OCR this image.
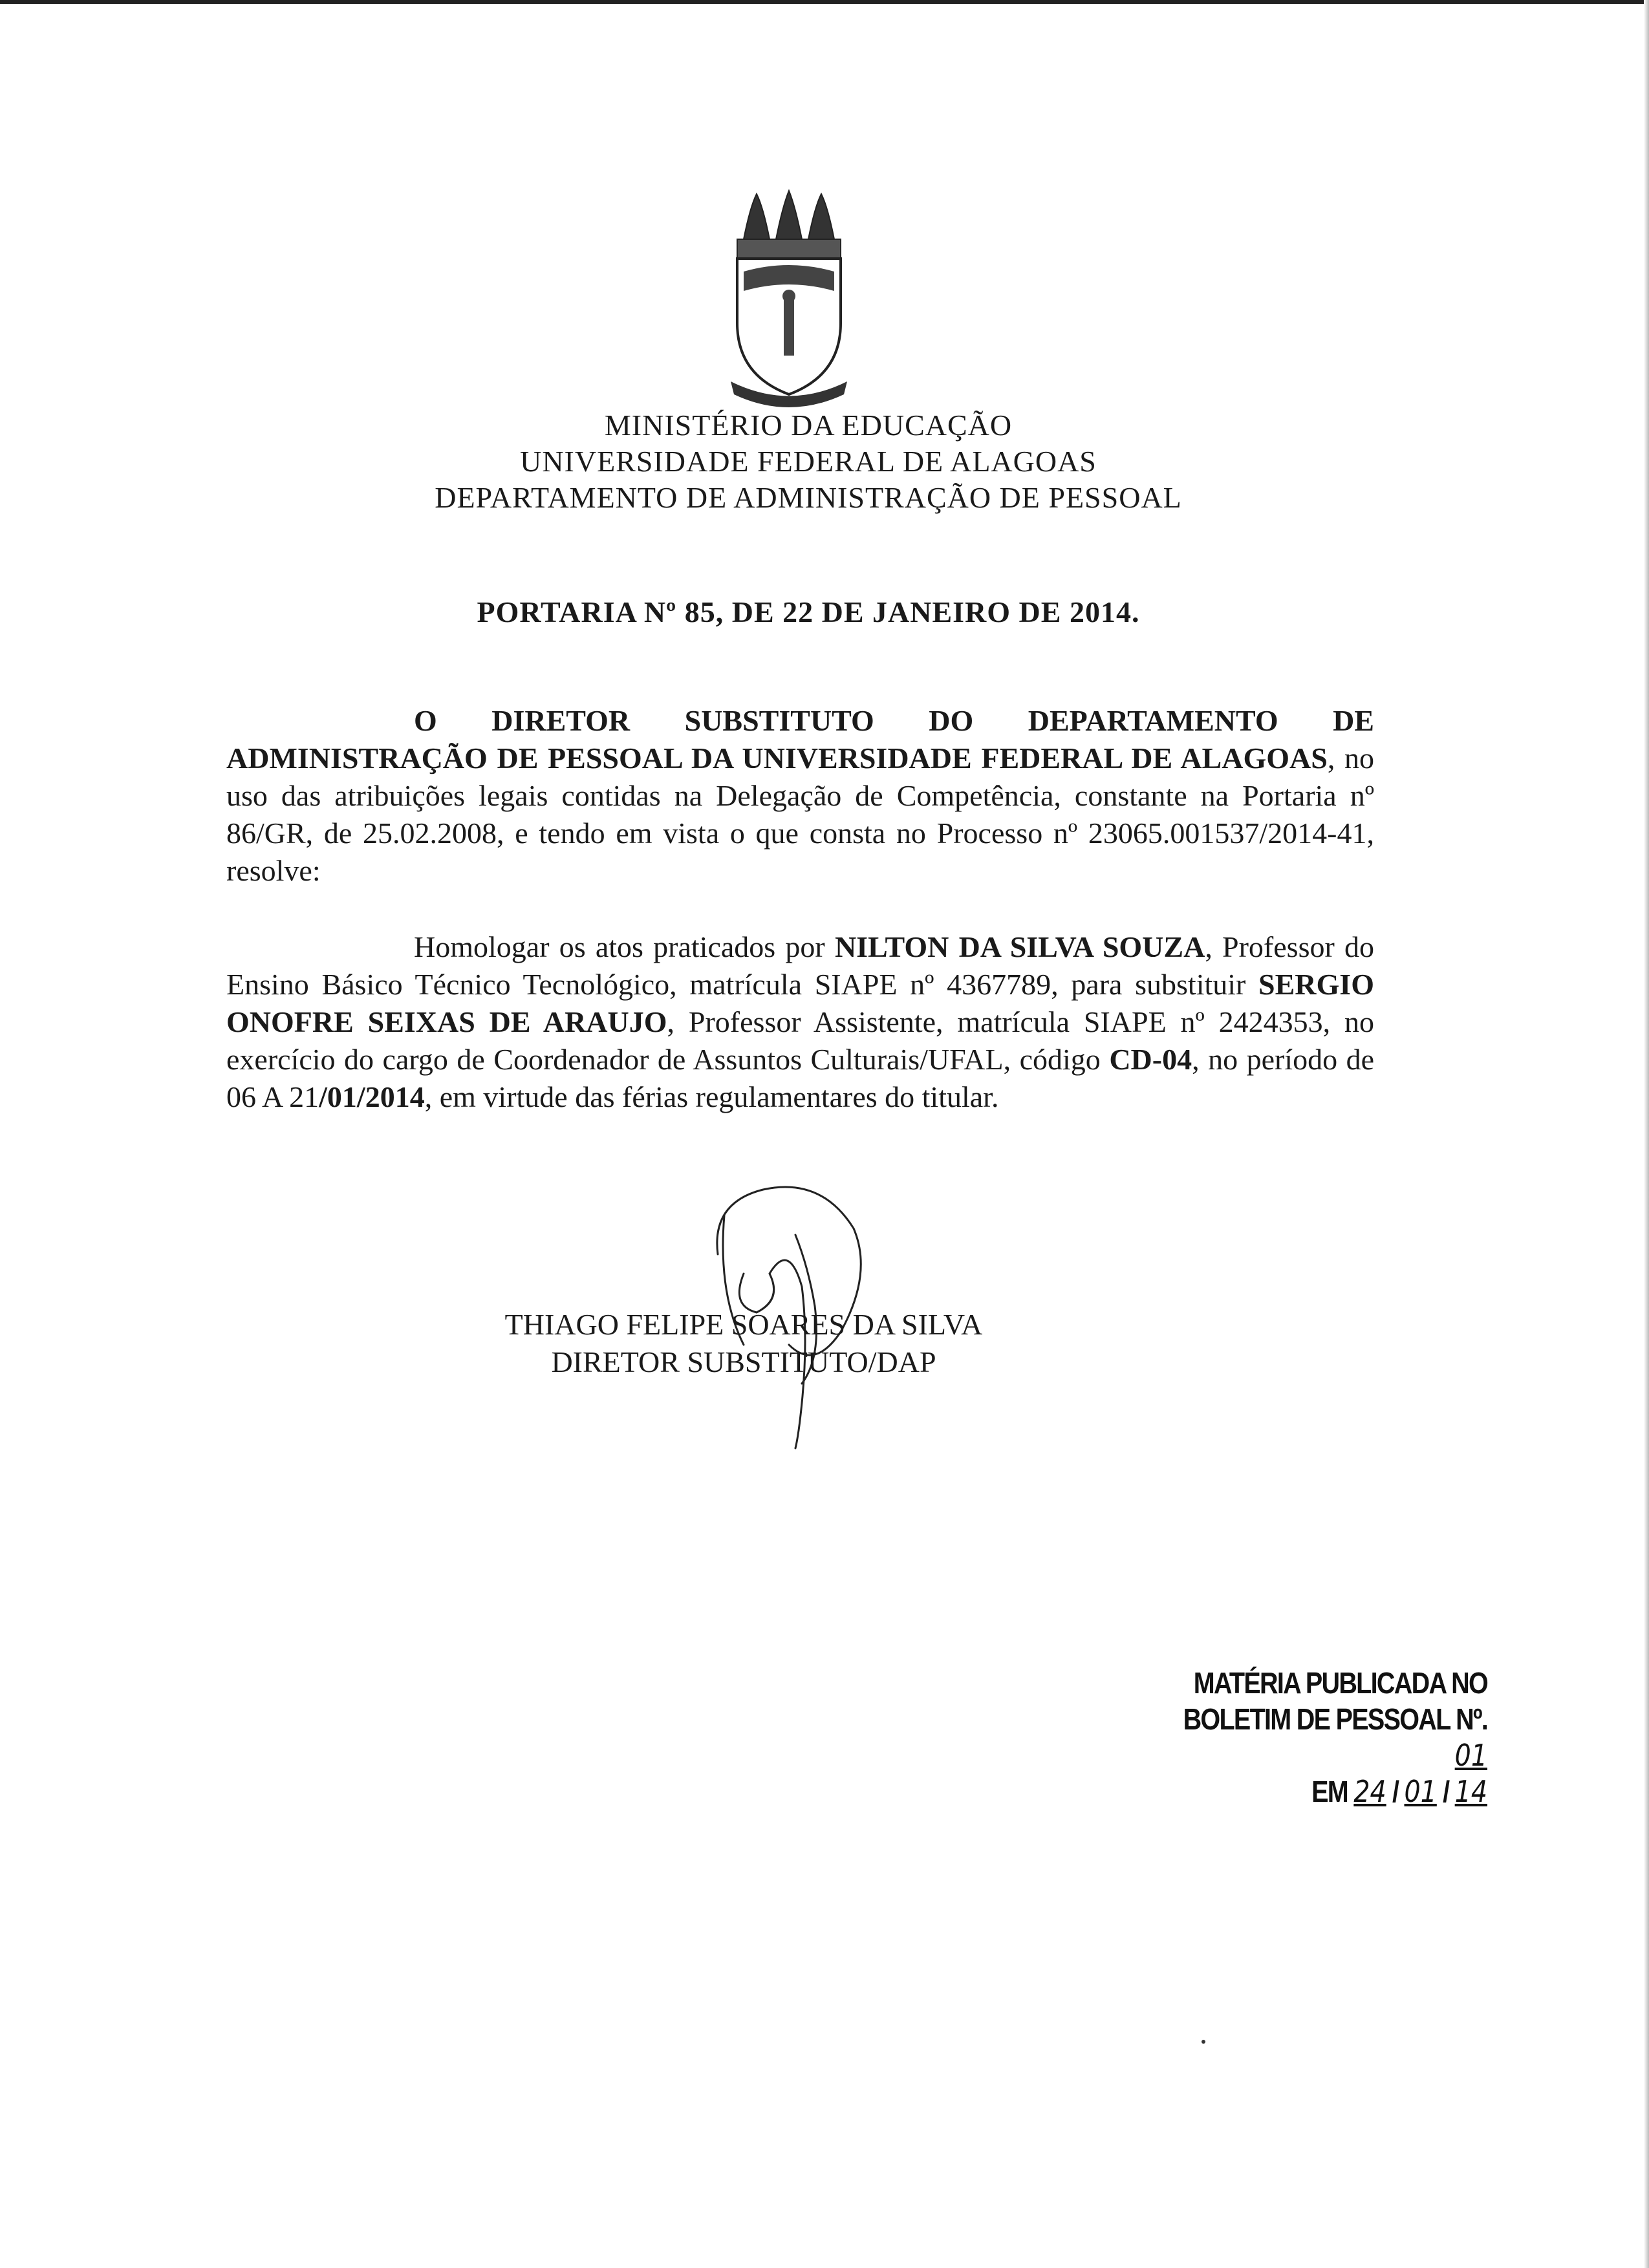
MINISTÉRIO DA EDUCAÇÃO
UNIVERSIDADE FEDERAL DE ALAGOAS
DEPARTAMENTO DE ADMINISTRAÇÃO DE PESSOAL
PORTARIA Nº 85, DE 22 DE JANEIRO DE 2014.
O DIRETOR SUBSTITUTO DO DEPARTAMENTO DE ADMINISTRAÇÃO DE PESSOAL DA UNIVERSIDADE FEDERAL DE ALAGOAS, no uso das atribuições legais contidas na Delegação de Competência, constante na Portaria nº 86/GR, de 25.02.2008, e tendo em vista o que consta no Processo nº 23065.001537/2014-41, resolve:
Homologar os atos praticados por NILTON DA SILVA SOUZA, Professor do Ensino Básico Técnico Tecnológico, matrícula SIAPE nº 4367789, para substituir SERGIO ONOFRE SEIXAS DE ARAUJO, Professor Assistente, matrícula SIAPE nº 2424353, no exercício do cargo de Coordenador de Assuntos Culturais/UFAL, código CD-04, no período de 06 A 21/01/2014, em virtude das férias regulamentares do titular.
THIAGO FELIPE SOARES DA SILVA
DIRETOR SUBSTITUTO/DAP
MATÉRIA PUBLICADA NO
BOLETIM DE PESSOAL Nº. 01
EM 24 / 01 / 14
